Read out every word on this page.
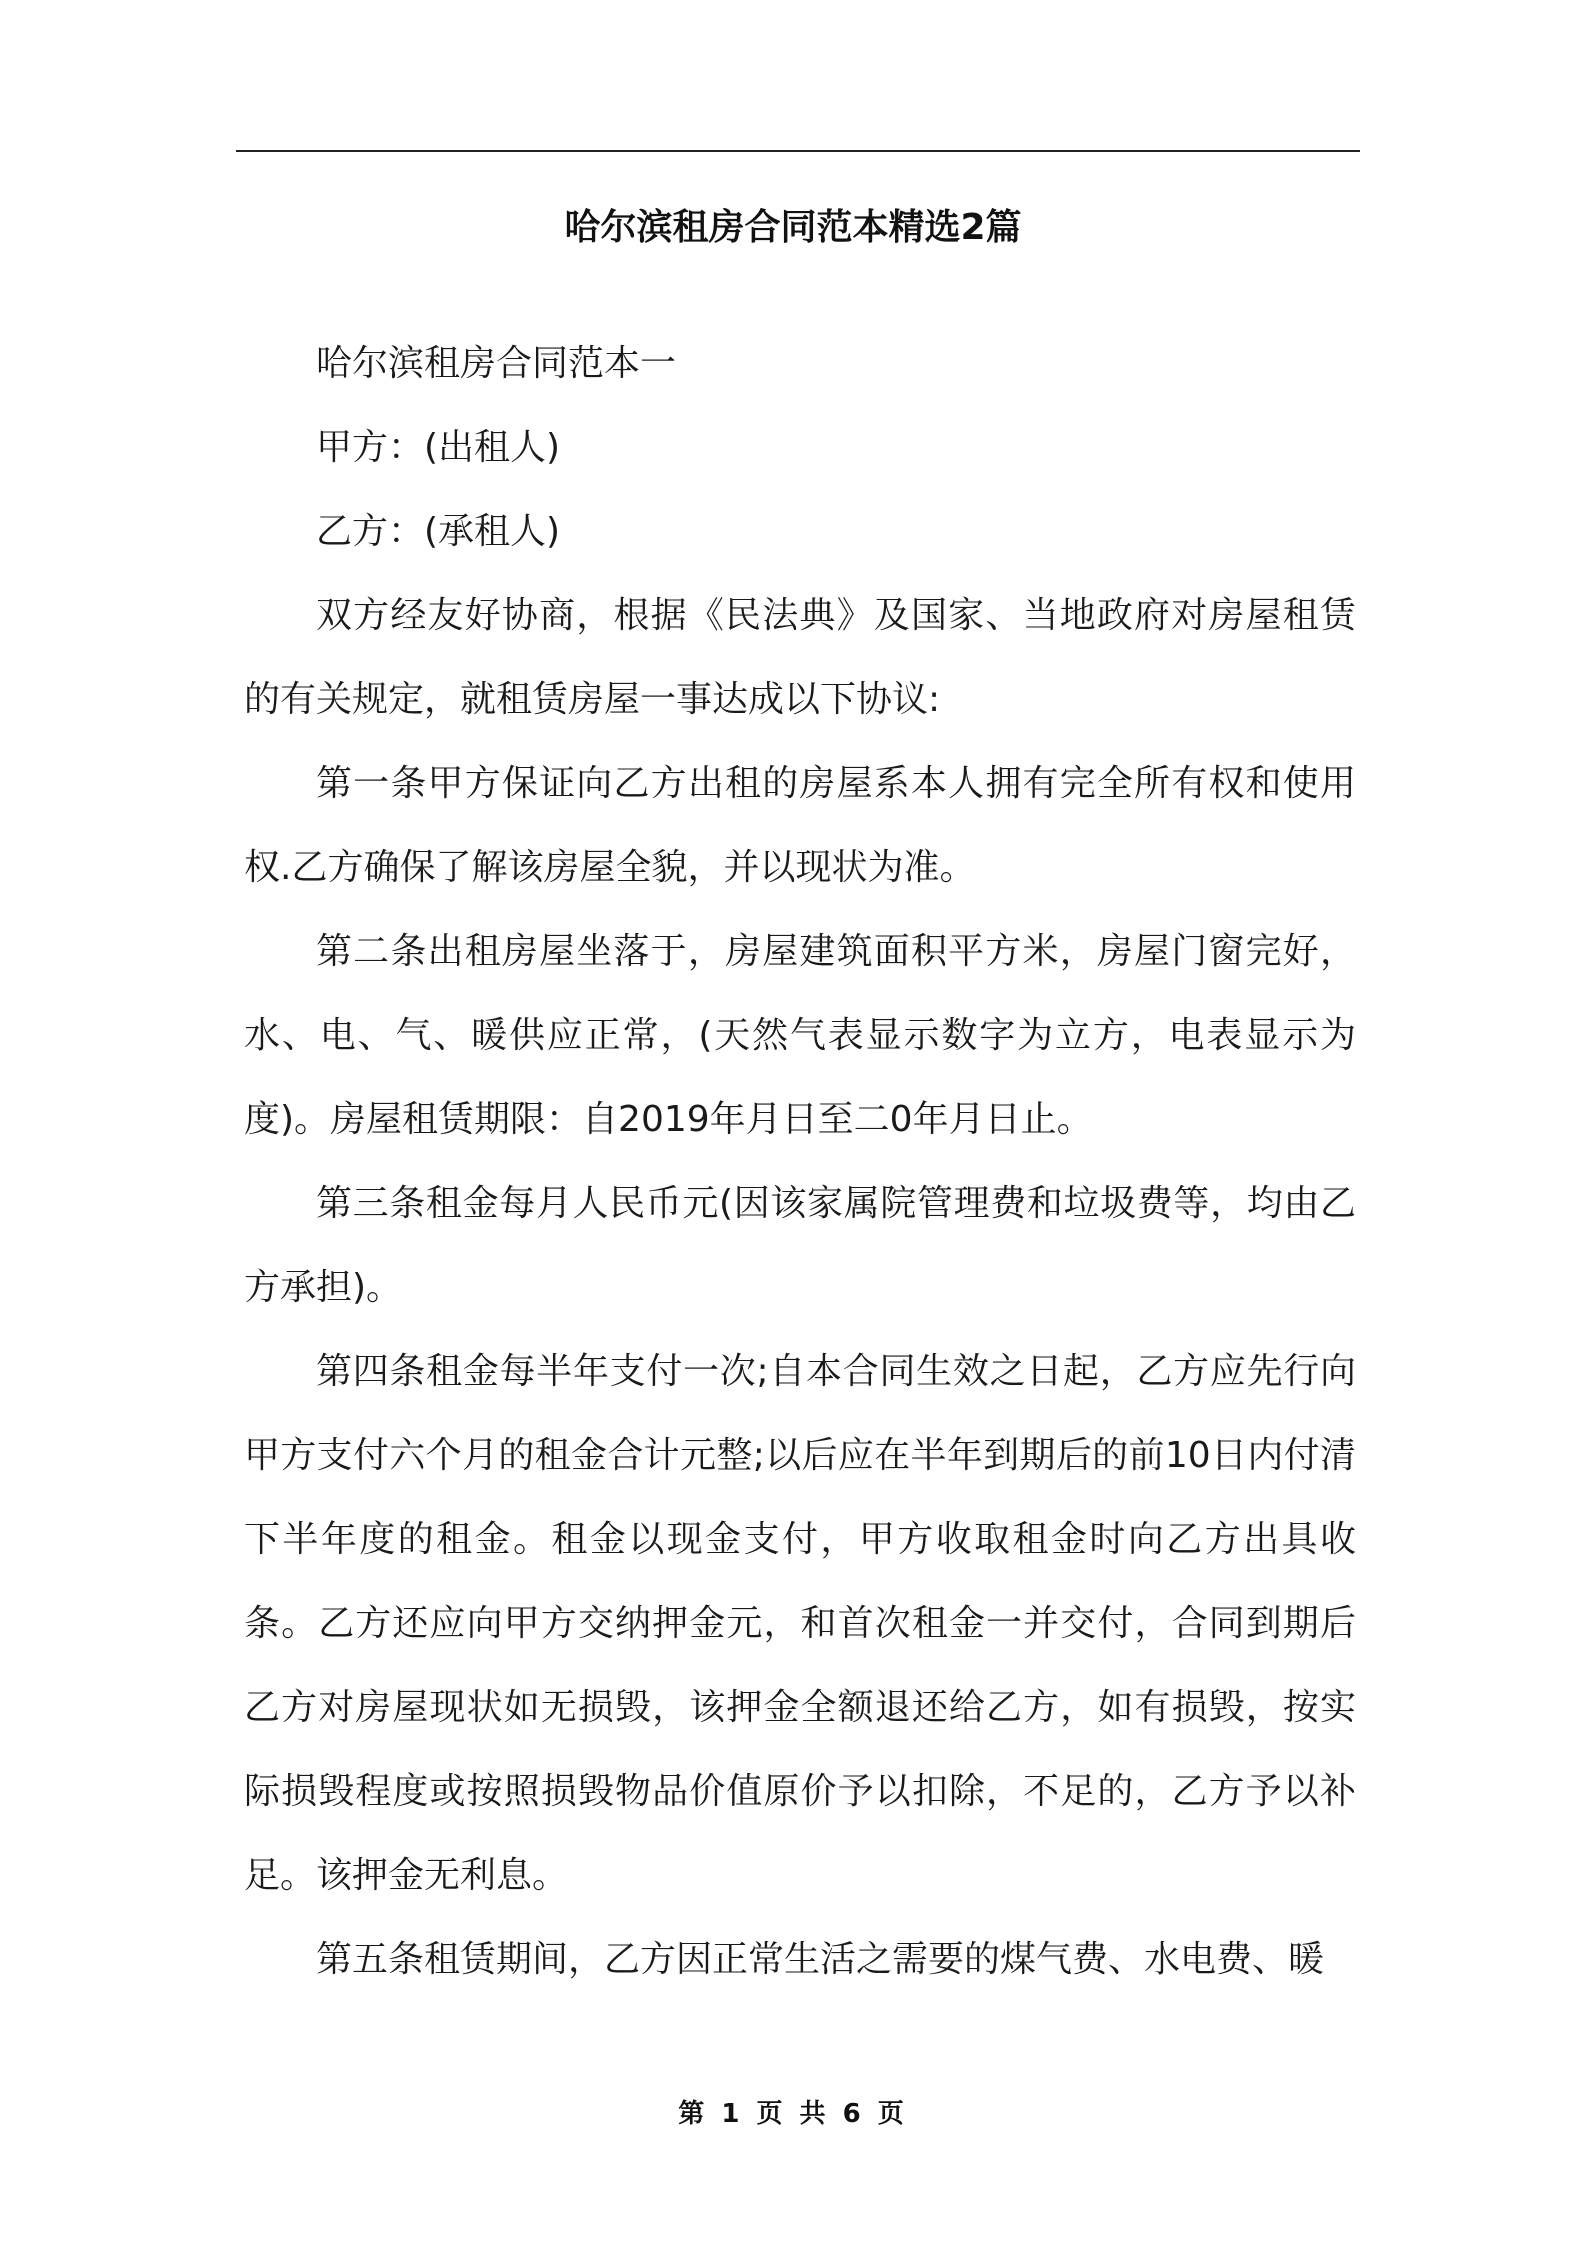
哈尔滨租房合同范本精选2篇

哈尔滨租房合同范本一

甲方：(出租人)

乙方：(承租人)

双方经友好协商，根据《民法典》及国家、当地政府对房屋租赁的有关规定，就租赁房屋一事达成以下协议:

第一条甲方保证向乙方出租的房屋系本人拥有完全所有权和使用权.乙方确保了解该房屋全貌，并以现状为准。

第二条出租房屋坐落于，房屋建筑面积平方米，房屋门窗完好，水、电、气、暖供应正常，(天然气表显示数字为立方，电表显示为度)。房屋租赁期限：自2019年月日至二0年月日止。

第三条租金每月人民币元(因该家属院管理费和垃圾费等，均由乙方承担)。

第四条租金每半年支付一次;自本合同生效之日起，乙方应先行向甲方支付六个月的租金合计元整;以后应在半年到期后的前10日内付清下半年度的租金。租金以现金支付，甲方收取租金时向乙方出具收条。乙方还应向甲方交纳押金元，和首次租金一并交付，合同到期后乙方对房屋现状如无损毁，该押金全额退还给乙方，如有损毁，按实际损毁程度或按照损毁物品价值原价予以扣除，不足的，乙方予以补足。该押金无利息。

第五条租赁期间，乙方因正常生活之需要的煤气费、水电费、暖

第 1 页 共 6 页
